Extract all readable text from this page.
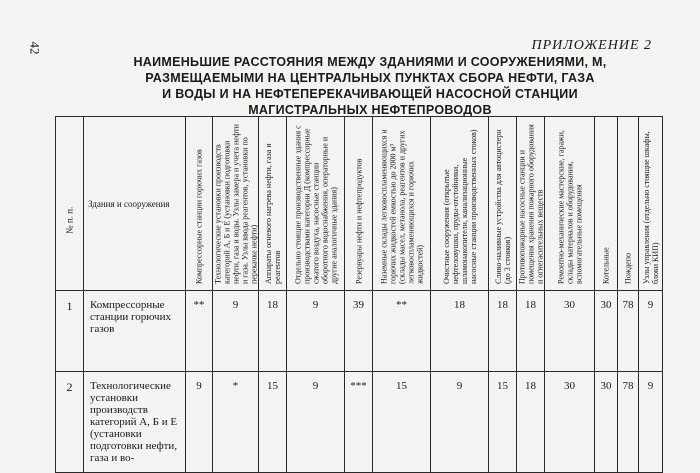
42	ПРИЛОЖЕНИЕ 2
НАИМЕНЬШИЕ РАССТОЯНИЯ МЕЖДУ ЗДАНИЯМИ И СООРУЖЕНИЯМИ, М,
РАЗМЕЩАЕМЫМИ НА ЦЕНТРАЛЬНЫХ ПУНКТАХ СБОРА НЕФТИ, ГАЗА
И ВОДЫ И НА НЕФТЕПЕРЕКАЧИВАЮЩЕЙ НАСОСНОЙ СТАНЦИИ
МАГИСТРАЛЬНЫХ НЕФТЕПРОВОДОВ
№ п. п.	Здания и сооружения	Компрессорные станции горючих газов	Технологические установки производств категорий А, Б и Е (установки подготовки нефти, газа и воды. Узлы замера и учета нефти и газа. Узлы ввода реагентов, установки по перекачке нефти)	Аппараты огневого нагрева нефти, газа и реагентов	Отдельно стоящие производственные здания с производствами категории Д (компрессорные сжатого воздуха, насосные станции оборотного водоснабжения, операторные и другие аналогичные здания)	Резервуары нефти и нефтепродуктов	Наземные склады легковоспламеняющихся и горючих жидкостей емкостью до 2000 м³ (склады масел, метанола, реагентов и других легковоспламеняющихся и горючих жидкостей)	Очистные сооружения (открытые нефтеловушки, пруды-отстойники, шламонакопители, канализационные насосные станции производственных стоков)	Сливо-наливные устройства для автоцистерн (до 3 стояков)	Противопожарные насосные станции и помещения хранения пожарного оборудования и огнегасительных веществ	Ремонтно-механические мастерские, гаражи, склады материалов и оборудования, вспомогательные помещения	Котельные	Пождепо	Узлы управления (отдельно стоящие шкафы, блоки КИП)

1	Компрессорные станции горючих газов	**	9	18	9	39	**	18	18	18	30	30	78	9
2	Технологические установки производств категорий А, Б и Е (установки подготовки нефти, газа и во-	9	*	15	9	***	15	9	15	18	30	30	78	9
